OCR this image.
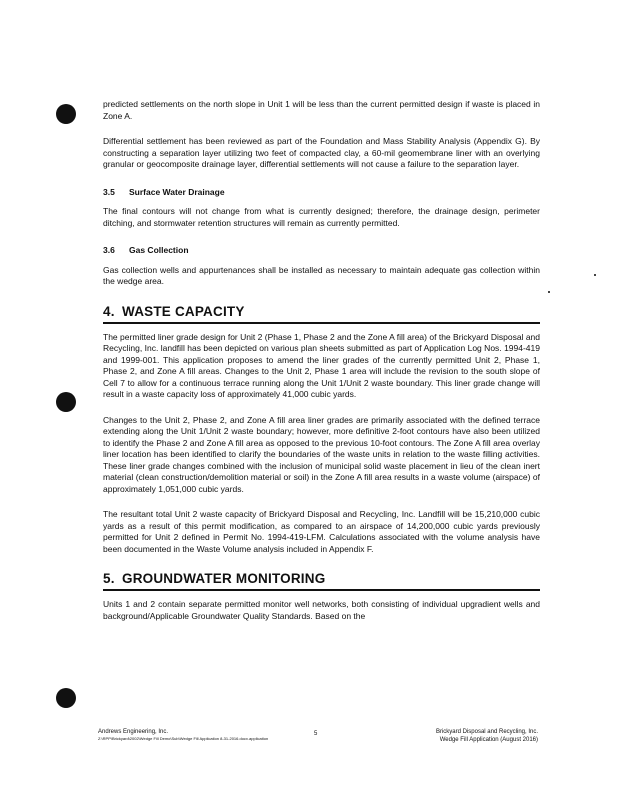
predicted settlements on the north slope in Unit 1 will be less than the current permitted design if waste is placed in Zone A.

Differential settlement has been reviewed as part of the Foundation and Mass Stability Analysis (Appendix G). By constructing a separation layer utilizing two feet of compacted clay, a 60-mil geomembrane liner with an overlying granular or geocomposite drainage layer, differential settlements will not cause a failure to the separation layer.

3.5 Surface Water Drainage

The final contours will not change from what is currently designed; therefore, the drainage design, perimeter ditching, and stormwater retention structures will remain as currently permitted.

3.6 Gas Collection

Gas collection wells and appurtenances shall be installed as necessary to maintain adequate gas collection within the wedge area.

4. WASTE CAPACITY

The permitted liner grade design for Unit 2 (Phase 1, Phase 2 and the Zone A fill area) of the Brickyard Disposal and Recycling, Inc. landfill has been depicted on various plan sheets submitted as part of Application Log Nos. 1994-419 and 1999-001. This application proposes to amend the liner grades of the currently permitted Unit 2, Phase 1, Phase 2, and Zone A fill areas. Changes to the Unit 2, Phase 1 area will include the revision to the south slope of Cell 7 to allow for a continuous terrace running along the Unit 1/Unit 2 waste boundary. This liner grade change will result in a waste capacity loss of approximately 41,000 cubic yards.

Changes to the Unit 2, Phase 2, and Zone A fill area liner grades are primarily associated with the defined terrace extending along the Unit 1/Unit 2 waste boundary; however, more definitive 2-foot contours have also been utilized to identify the Phase 2 and Zone A fill area as opposed to the previous 10-foot contours. The Zone A fill area overlay liner location has been identified to clarify the boundaries of the waste units in relation to the waste filling activities. These liner grade changes combined with the inclusion of municipal solid waste placement in lieu of the clean inert material (clean construction/demolition material or soil) in the Zone A fill area results in a waste volume (airspace) of approximately 1,051,000 cubic yards.

The resultant total Unit 2 waste capacity of Brickyard Disposal and Recycling, Inc. Landfill will be 15,210,000 cubic yards as a result of this permit modification, as compared to an airspace of 14,200,000 cubic yards previously permitted for Unit 2 defined in Permit No. 1994-419-LFM. Calculations associated with the volume analysis have been documented in the Waste Volume analysis included in Appendix F.

5. GROUNDWATER MONITORING

Units 1 and 2 contain separate permitted monitor well networks, both consisting of individual upgradient wells and background/Applicable Groundwater Quality Standards. Based on the

Andrews Engineering, Inc.
Z:\RPP\Brickyard\2002\Wedge Fill Demo\Sub\Wedge Fill Application 8-31-2016.docx.application
5	Brickyard Disposal and Recycling, Inc.
Wedge Fill Application (August 2016)
